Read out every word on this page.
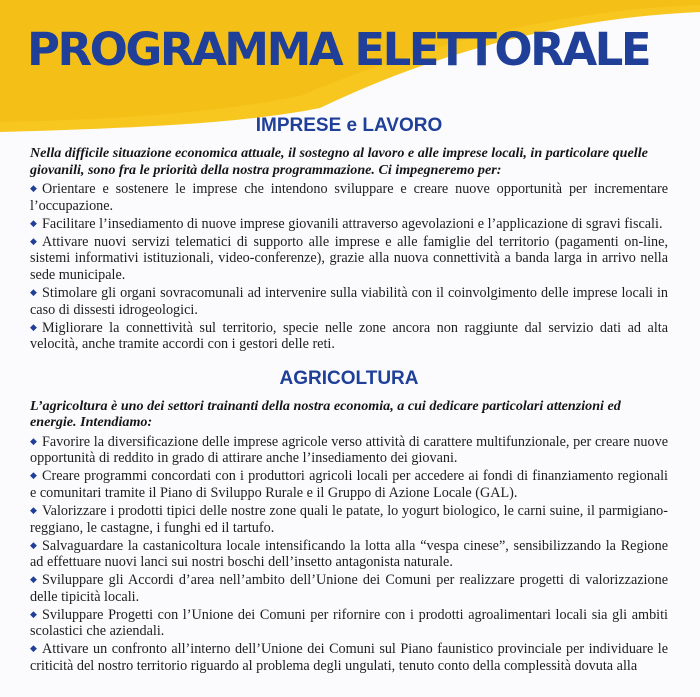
PROGRAMMA ELETTORALE
IMPRESE e LAVORO

Nella difficile situazione economica attuale, il sostegno al lavoro e alle imprese locali, in particolare quelle giovanili, sono fra le priorità della nostra programmazione. Ci impegneremo per:

◆ Orientare e sostenere le imprese che intendono sviluppare e creare nuove opportunità per incrementare l’occupazione.
◆ Facilitare l’insediamento di nuove imprese giovanili attraverso agevolazioni e l’applicazione di sgravi fiscali.
◆ Attivare nuovi servizi telematici di supporto alle imprese e alle famiglie del territorio (pagamenti on-line, sistemi informativi istituzionali, video-conferenze), grazie alla nuova connettività a banda larga in arrivo nella sede municipale.
◆ Stimolare gli organi sovracomunali ad intervenire sulla viabilità con il coinvolgimento delle imprese locali in caso di dissesti idrogeologici.
◆ Migliorare la connettività sul territorio, specie nelle zone ancora non raggiunte dal servizio dati ad alta velocità, anche tramite accordi con i gestori delle reti.
AGRICOLTURA

L’agricoltura è uno dei settori trainanti della nostra economia, a cui dedicare particolari attenzioni ed energie. Intendiamo:

◆ Favorire la diversificazione delle imprese agricole verso attività di carattere multifunzionale, per creare nuove opportunità di reddito in grado di attirare anche l’insediamento dei giovani.
◆ Creare programmi concordati con i produttori agricoli locali per accedere ai fondi di finanziamento regionali e comunitari tramite il Piano di Sviluppo Rurale e il Gruppo di Azione Locale (GAL).
◆ Valorizzare i prodotti tipici delle nostre zone quali le patate, lo yogurt biologico, le carni suine, il parmigiano-reggiano, le castagne, i funghi ed il tartufo.
◆ Salvaguardare la castanicoltura locale intensificando la lotta alla “vespa cinese”, sensibilizzando la Regione ad effettuare nuovi lanci sui nostri boschi dell’insetto antagonista naturale.
◆ Sviluppare gli Accordi d’area nell’ambito dell’Unione dei Comuni per realizzare progetti di valorizzazione delle tipicità locali.
◆ Sviluppare Progetti con l’Unione dei Comuni per rifornire con i prodotti agroalimentari locali sia gli ambiti scolastici che aziendali.
◆ Attivare un confronto all’interno dell’Unione dei Comuni sul Piano faunistico provinciale per individuare le criticità del nostro territorio riguardo al problema degli ungulati, tenuto conto della complessità dovuta alla
